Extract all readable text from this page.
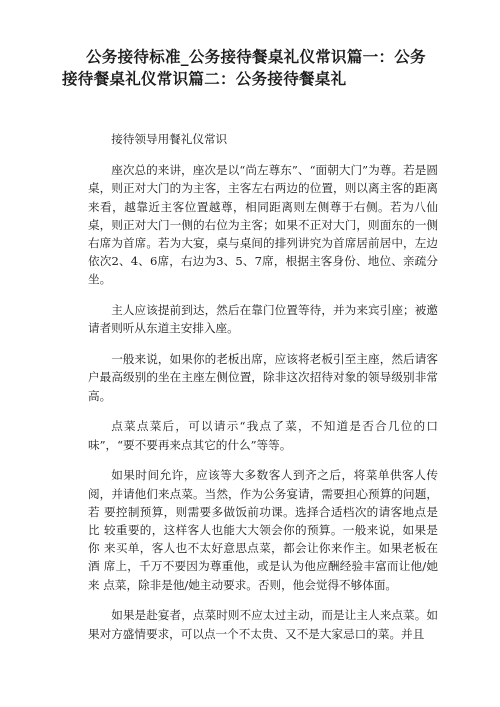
公务接待标准_公务接待餐桌礼仪常识篇一：公务
接待餐桌礼仪常识篇二：公务接待餐桌礼

接待领导用餐礼仪常识

座次总的来讲，座次是以“尚左尊东”、“面朝大门”为尊。若是圆桌，则正对大门的为主客，主客左右两边的位置，则以离主客的距离来看，越靠近主客位置越尊，相同距离则左侧尊于右侧。若为八仙桌，则正对大门一侧的右位为主客；如果不正对大门，则面东的一侧右席为首席。若为大宴，桌与桌间的排列讲究为首席居前居中，左边依次2、4、6席，右边为3、5、7席，根据主客身份、地位、亲疏分坐。

主人应该提前到达，然后在靠门位置等待，并为来宾引座；被邀请者则听从东道主安排入座。

一般来说，如果你的老板出席，应该将老板引至主座，然后请客户最高级别的坐在主座左侧位置，除非这次招待对象的领导级别非常高。

点菜点菜后，可以请示“我点了菜，不知道是否合几位的口味”，“要不要再来点其它的什么”等等。

如果时间允许，应该等大多数客人到齐之后，将菜单供客人传阅，并请他们来点菜。当然，作为公务宴请，需要担心预算的问题，若 要控制预算，则需要多做饭前功课。选择合适档次的请客地点是比 较重要的，这样客人也能大大领会你的预算。一般来说，如果是你 来买单，客人也不太好意思点菜，都会让你来作主。如果老板在酒 席上，千万不要因为尊重他，或是认为他应酬经验丰富而让他/她来 点菜，除非是他/她主动要求。否则，他会觉得不够体面。

如果是赴宴者，点菜时则不应太过主动，而是让主人来点菜。如果对方盛情要求，可以点一个不太贵、又不是大家忌口的菜。并且
